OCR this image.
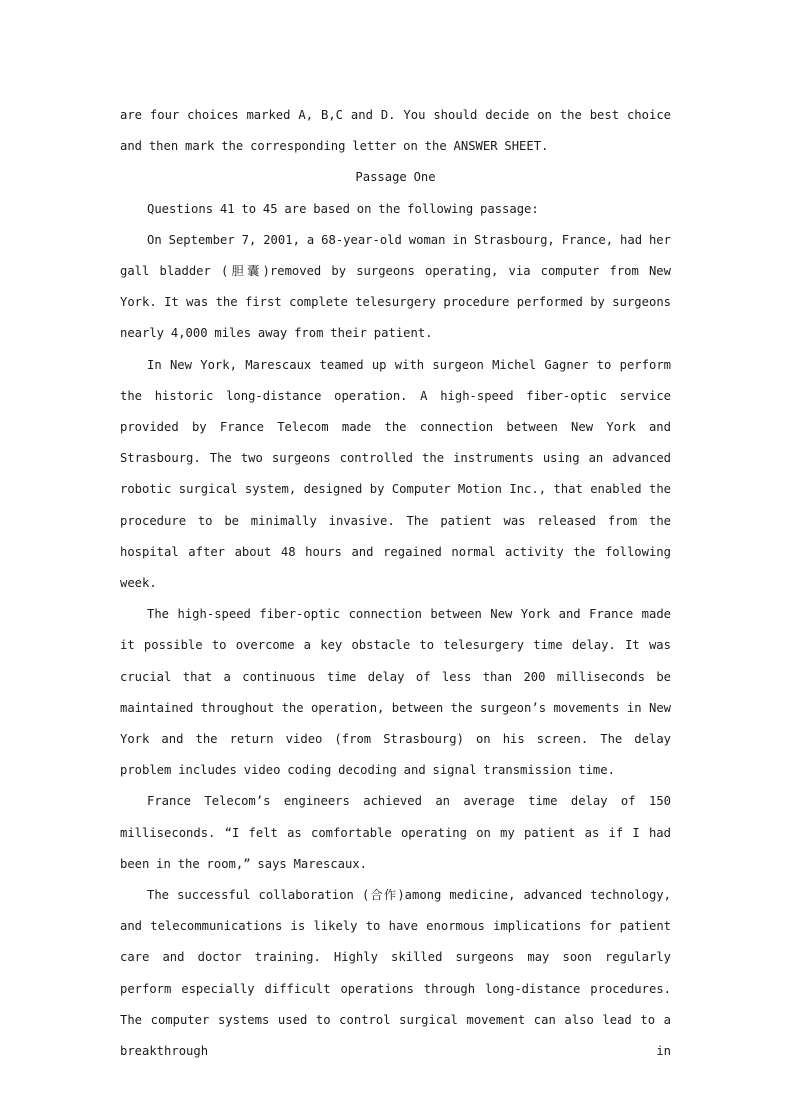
are four choices marked A, B,C and D. You should decide on the best choice and then mark the corresponding letter on the ANSWER SHEET.

Passage One

Questions 41 to 45 are based on the following passage:

On September 7, 2001, a 68-year-old woman in Strasbourg, France, had her gall bladder (胆囊)removed by surgeons operating, via computer from New York. It was the first complete telesurgery procedure performed by surgeons nearly 4,000 miles away from their patient.

In New York, Marescaux teamed up with surgeon Michel Gagner to perform the historic long-distance operation. A high-speed fiber-optic service provided by France Telecom made the connection between New York and Strasbourg. The two surgeons controlled the instruments using an advanced robotic surgical system, designed by Computer Motion Inc., that enabled the procedure to be minimally invasive. The patient was released from the hospital after about 48 hours and regained normal activity the following week.

The high-speed fiber-optic connection between New York and France made it possible to overcome a key obstacle to telesurgery time delay. It was crucial that a continuous time delay of less than 200 milliseconds be maintained throughout the operation, between the surgeon’s movements in New York and the return video (from Strasbourg) on his screen. The delay problem includes video coding decoding and signal transmission time.

France Telecom’s engineers achieved an average time delay of 150 milliseconds. “I felt as comfortable operating on my patient as if I had been in the room,” says Marescaux.

The successful collaboration (合作)among medicine, advanced technology, and telecommunications is likely to have enormous implications for patient care and doctor training. Highly skilled surgeons may soon regularly perform especially difficult operations through long-distance procedures. The computer systems used to control surgical movement can also lead to a breakthrough in
